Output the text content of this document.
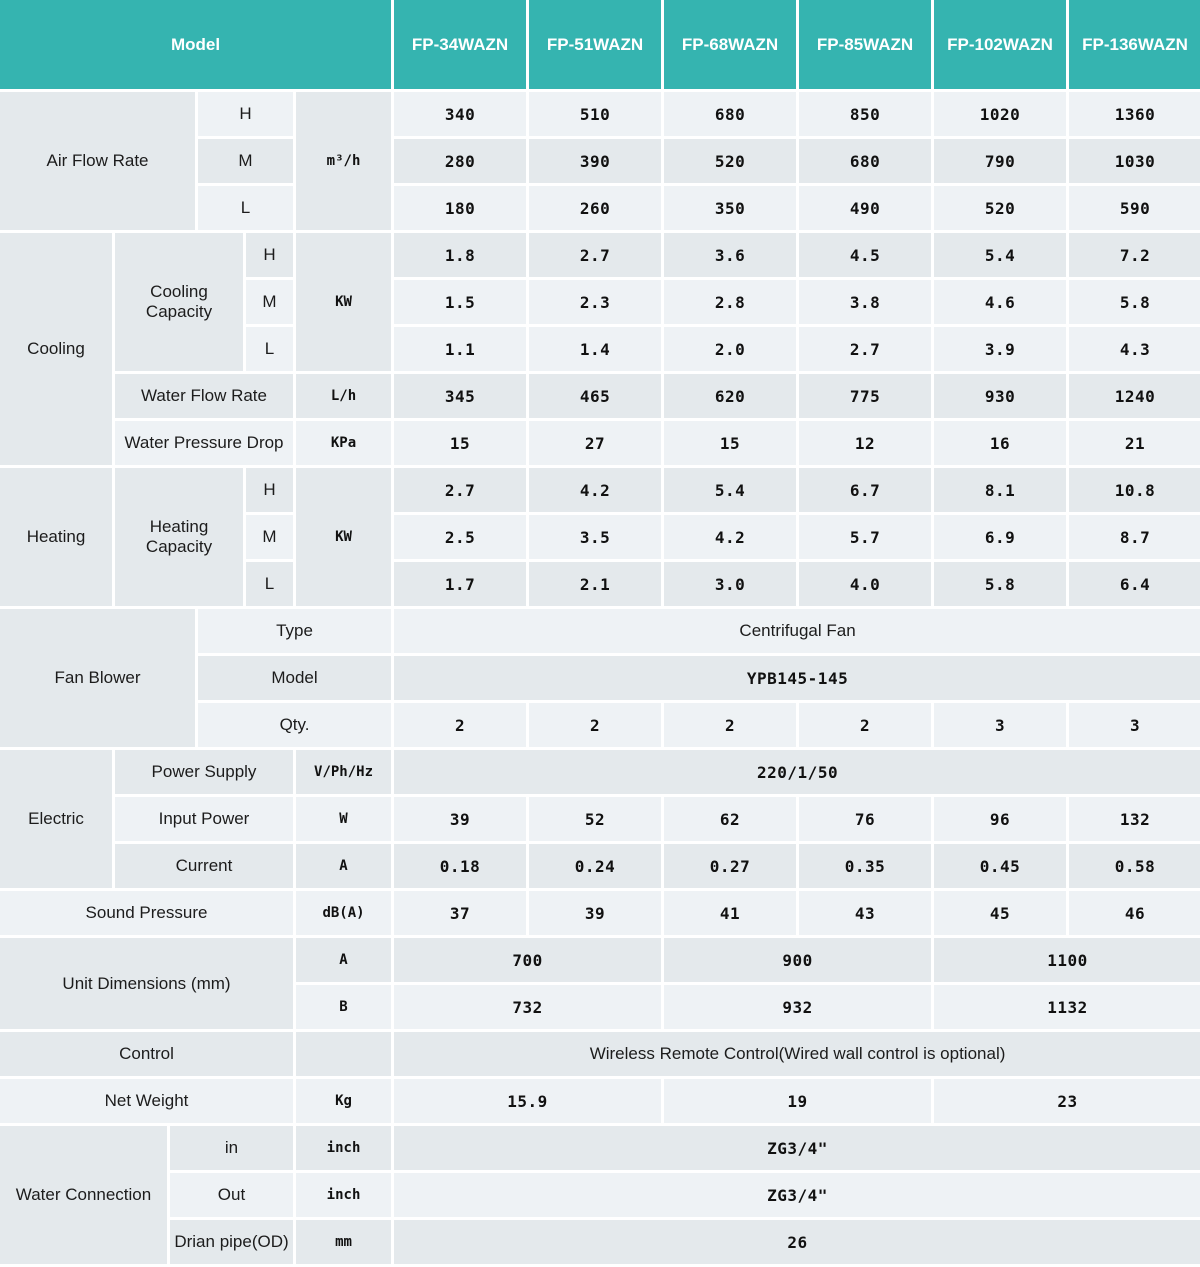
Model						FP-34WAZN	FP-51WAZN	FP-68WAZN	FP-85WAZN	FP-102WAZN	FP-136WAZN
Air Flow Rate			H		m³/h	340	510	680	850	1020	1360
			M			280	390	520	680	790	1030
			L			180	260	350	490	520	590
Cooling	Cooling Capacity			H	KW	1.8	2.7	3.6	4.5	5.4	7.2
				M		1.5	2.3	2.8	3.8	4.6	5.8
				L		1.1	1.4	2.0	2.7	3.9	4.3
	Water Flow Rate				L/h	345	465	620	775	930	1240
	Water Pressure Drop				KPa	15	27	15	12	16	21
Heating	Heating Capacity			H	KW	2.7	4.2	5.4	6.7	8.1	10.8
				M		2.5	3.5	4.2	5.7	6.9	8.7
				L		1.7	2.1	3.0	4.0	5.8	6.4
Fan Blower			Type			Centrifugal Fan					
			Model			YPB145-145					
			Qty.			2	2	2	2	3	3
Electric	Power Supply				V/Ph/Hz	220/1/50					
	Input Power				W	39	52	62	76	96	132
	Current				A	0.18	0.24	0.27	0.35	0.45	0.58
Sound Pressure					dB(A)	37	39	41	43	45	46
Unit Dimensions (mm)					A	700		900		1100	
					B	732		932		1132	
Control						Wireless Remote Control(Wired wall control is optional)					
Net Weight					Kg	15.9		19		23	
Water Connection		in			inch	ZG3/4"					
		Out			inch	ZG3/4"					
		Drian pipe(OD)			mm	26					
